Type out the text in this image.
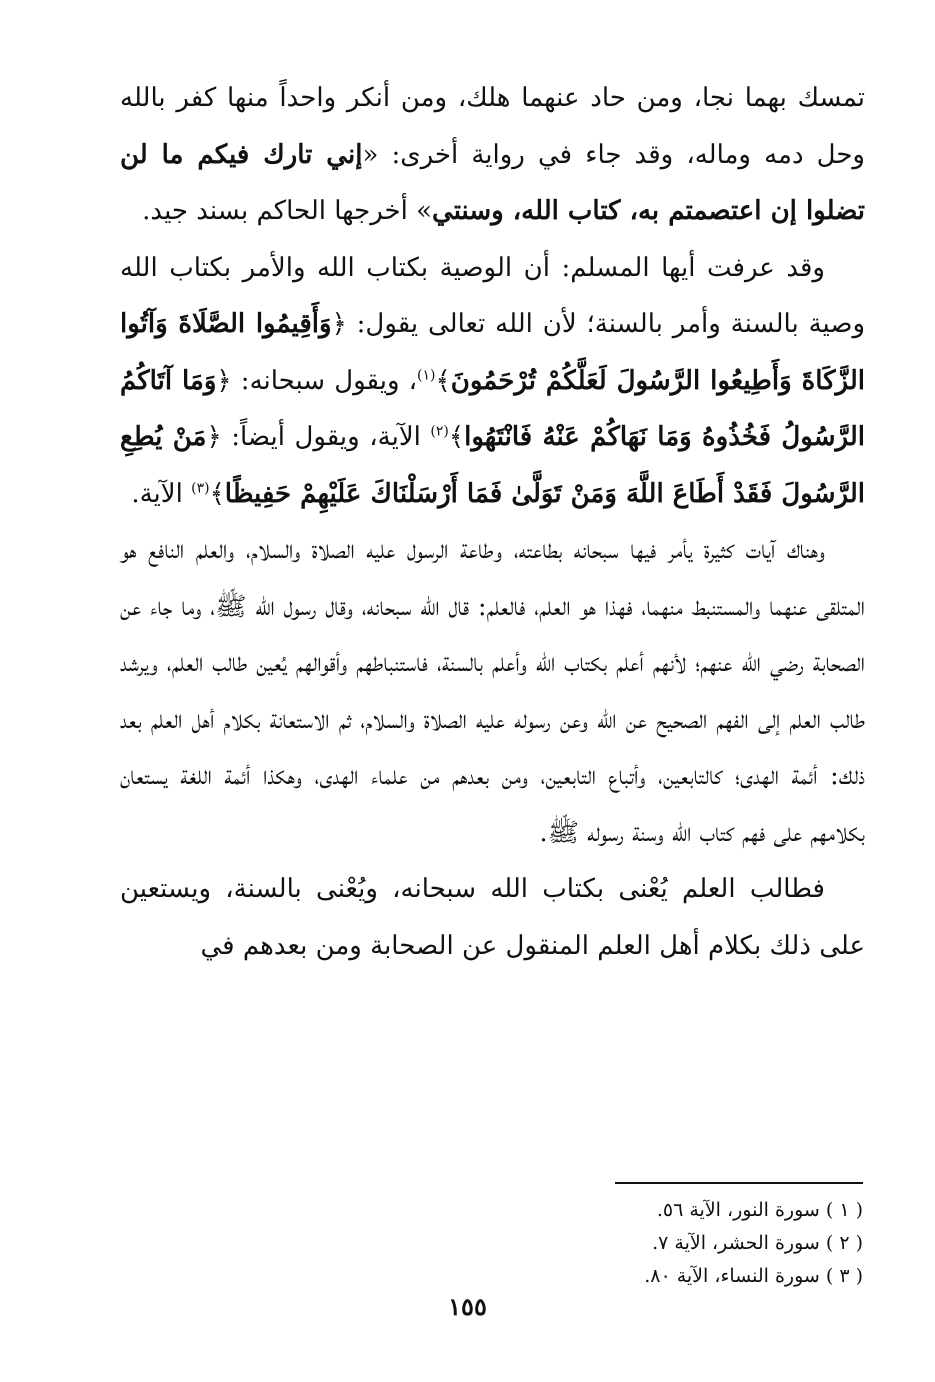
تمسك بهما نجا، ومن حاد عنهما هلك، ومن أنكر واحداً منها كفر بالله وحل دمه وماله، وقد جاء في رواية أخرى: «إني تارك فيكم ما لن تضلوا إن اعتصمتم به، كتاب الله، وسنتي» أخرجها الحاكم بسند جيد.

وقد عرفت أيها المسلم: أن الوصية بكتاب الله والأمر بكتاب الله وصية بالسنة وأمر بالسنة؛ لأن الله تعالى يقول: ﴿وَأَقِيمُوا الصَّلَاةَ وَآتُوا الزَّكَاةَ وَأَطِيعُوا الرَّسُولَ لَعَلَّكُمْ تُرْحَمُونَ﴾$^{(١)}$، ويقول سبحانه: ﴿وَمَا آتَاكُمُ الرَّسُولُ فَخُذُوهُ وَمَا نَهَاكُمْ عَنْهُ فَانْتَهُوا﴾$^{(٢)}$ الآية، ويقول أيضاً: ﴿مَنْ يُطِعِ الرَّسُولَ فَقَدْ أَطَاعَ اللَّهَ وَمَنْ تَوَلَّىٰ فَمَا أَرْسَلْنَاكَ عَلَيْهِمْ حَفِيظًا﴾$^{(٣)}$ الآية.

وهناك آيات كثيرة يأمر فيها سبحانه بطاعته، وطاعة الرسول عليه الصلاة والسلام، والعلم النافع هو المتلقى عنهما والمستنبط منهما، فهذا هو العلم، فالعلم: قال الله سبحانه، وقال رسول الله ﷺ، وما جاء عن الصحابة رضي الله عنهم؛ لأنهم أعلم بكتاب الله وأعلم بالسنة، فاستنباطهم وأقوالهم يُعين طالب العلم، ويرشد طالب العلم إلى الفهم الصحيح عن الله وعن رسوله عليه الصلاة والسلام، ثم الاستعانة بكلام أهل العلم بعد ذلك: أئمة الهدى؛ كالتابعين، وأتباع التابعين، ومن بعدهم من علماء الهدى، وهكذا أئمة اللغة يستعان بكلامهم على فهم كتاب الله وسنة رسوله ﷺ.

فطالب العلم يُعْنى بكتاب الله سبحانه، ويُعْنى بالسنة، ويستعين على ذلك بكلام أهل العلم المنقول عن الصحابة ومن بعدهم في

( ١ ) سورة النور، الآية ٥٦.

( ٢ ) سورة الحشر، الآية ٧.

( ٣ ) سورة النساء، الآية ٨٠.

١٥٥
